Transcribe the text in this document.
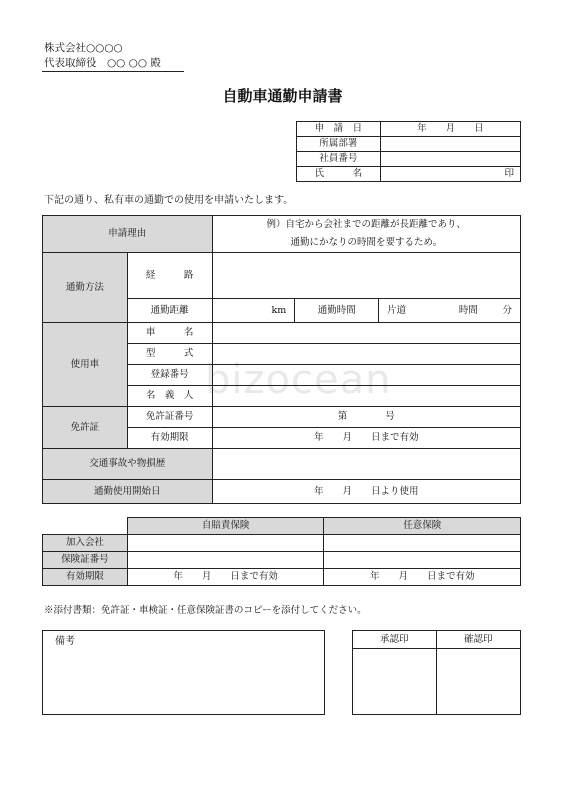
bizocean
株式会社○○○○
代表取締役　○○ ○○ 殿
自動車通勤申請書
申　請　日	年　　月　　日
所属部署	
社員番号	
氏　　　名	印
下記の通り、私有車の通勤での使用を申請いたします。
申請理由		例）自宅から会社までの距離が長距離であり、
通勤にかなりの時間を要するため。		

通勤方法	経　　　路			
	通勤距離	km	通勤時間	片道 時間 分

使用車	車　　　名			
	型　　　式			
	登録番号			
	名　義　人			
免許証	免許証番号	第　　　　号		
	有効期限	年　　月　　日まで有効		
交通事故や物損歴				
通勤使用開始日		年　　月　　日より使用		
	自賠責保険	任意保険
加入会社		
保険証番号		
有効期限	年　　月　　日まで有効	年　　月　　日まで有効
※添付書類：免許証・車検証・任意保険証書のコピーを添付してください。
備考	承認印	確認印
